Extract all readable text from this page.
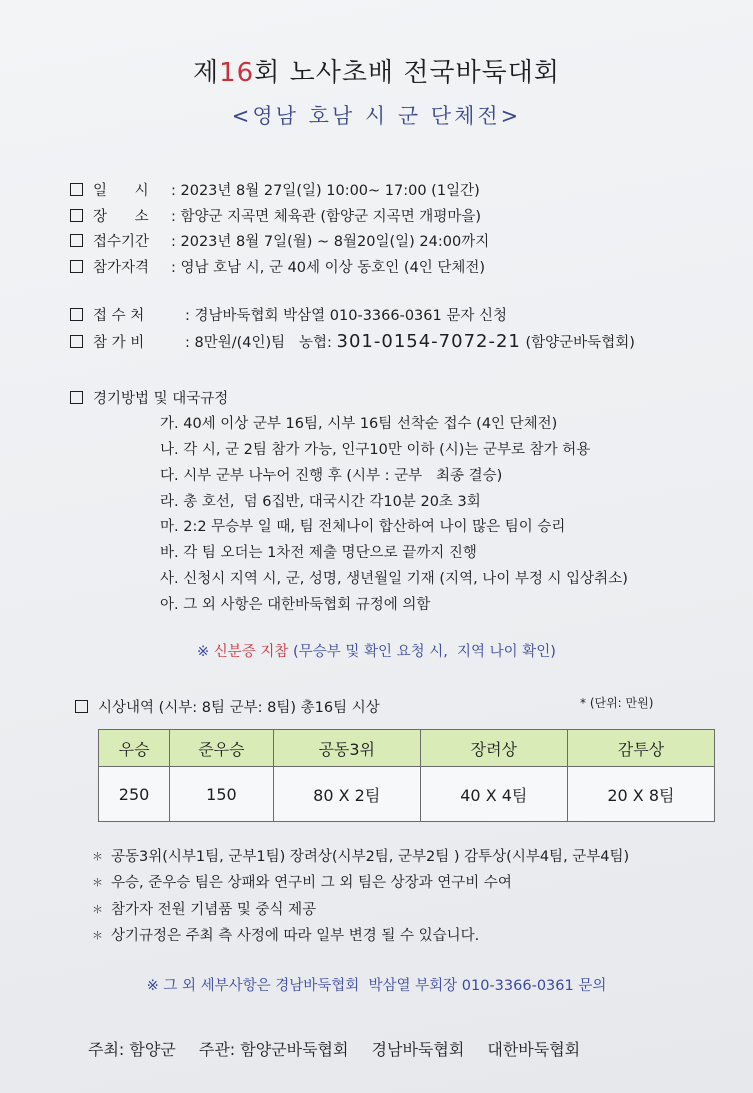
제16회 노사초배 전국바둑대회
<영남 호남 시 군 단체전>
일      시 : 2023년 8월 27일(일) 10:00~ 17:00 (1일간)
장      소 : 함양군 지곡면 체육관 (함양군 지곡면 개평마을)
접수기간 : 2023년 8월 7일(월) ~ 8월20일(일) 24:00까지
참가자격 : 영남 호남 시, 군 40세 이상 동호인 (4인 단체전)
접 수 처	: 경남바둑협회 박삼열 010-3366-0361 문자 신청
참 가 비	: 8만원/(4인)팀   농협: 301-0154-7072-21 (함양군바둑협회)
경기방법 및 대국규정
가. 40세 이상 군부 16팀, 시부 16팀 선착순 접수 (4인 단체전)
나. 각 시, 군 2팀 참가 가능, 인구10만 이하 (시)는 군부로 참가 허용
다. 시부 군부 나누어 진행 후 (시부 : 군부   최종 결승)
라. 총 호선,  덤 6집반, 대국시간 각10분 20초 3회
마. 2:2 무승부 일 때, 팀 전체나이 합산하여 나이 많은 팀이 승리
바. 각 팀 오더는 1차전 제출 명단으로 끝까지 진행
사. 신청시 지역 시, 군, 성명, 생년월일 기재 (지역, 나이 부정 시 입상취소)
아. 그 외 사항은 대한바둑협회 규정에 의함
※ 신분증 지참 (무승부 및 확인 요청 시,  지역 나이 확인)
시상내역 (시부: 8팀 군부: 8팀) 총16팀 시상	* (단위: 만원)
우승	준우승	공동3위	장려상	감투상
250	150	80 X 2팀	40 X 4팀	20 X 8팀
＊ 공동3위(시부1팀, 군부1팀) 장려상(시부2팀, 군부2팀 ) 감투상(시부4팀, 군부4팀)
＊ 우승, 준우승 팀은 상패와 연구비 그 외 팀은 상장과 연구비 수여
＊ 참가자 전원 기념품 및 중식 제공
＊ 상기규정은 주최 측 사정에 따라 일부 변경 될 수 있습니다.
※ 그 외 세부사항은 경남바둑협회  박삼열 부회장 010-3366-0361 문의
주최: 함양군 주관: 함양군바둑협회 경남바둑협회 대한바둑협회
